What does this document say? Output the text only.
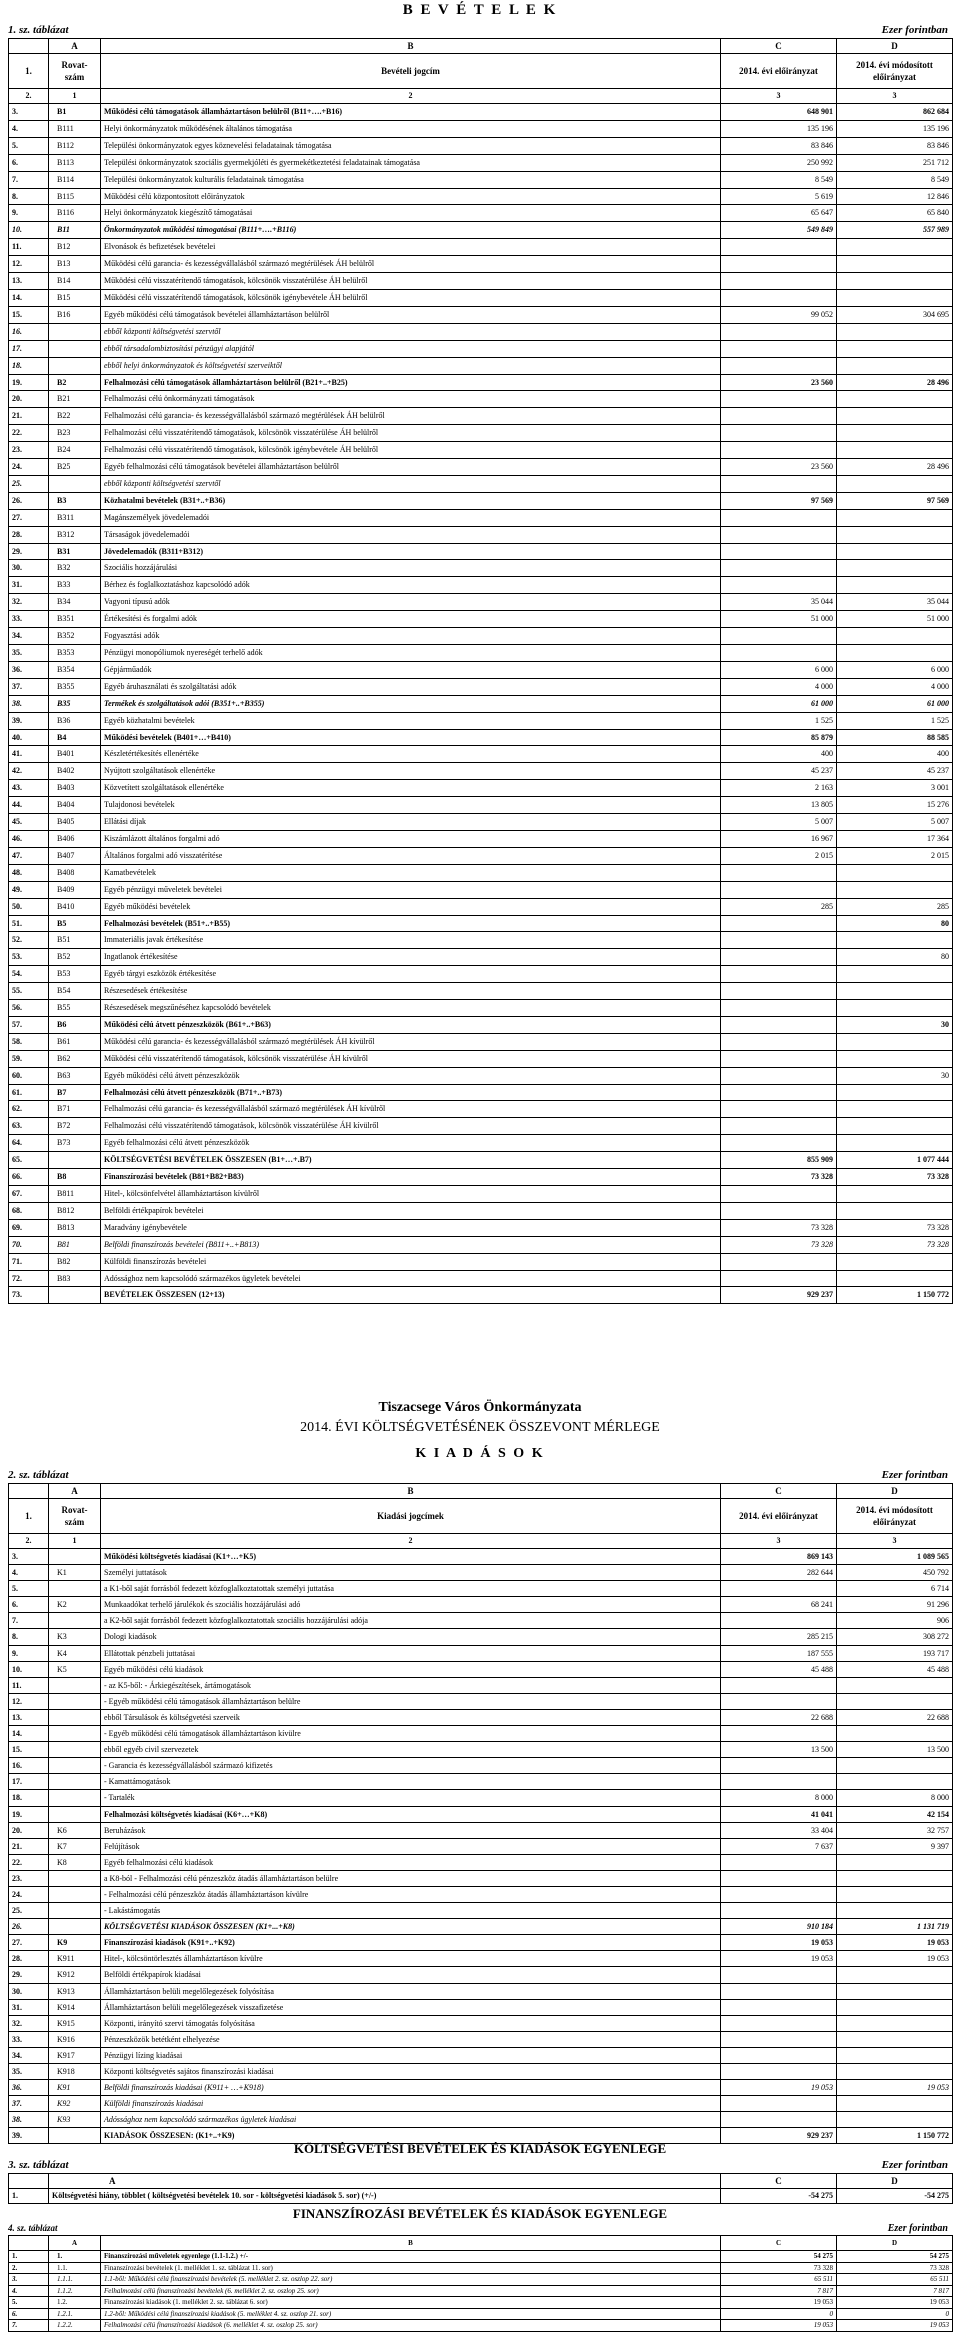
B E V É T E L E K
1. sz. táblázat	Ezer forintban
	A	B	C	D
1.	Rovat-szám	Bevételi jogcím	2014. évi előirányzat	2014. évi módosított előirányzat
2.	1	2	3	3
3.	B1	Működési célú támogatások államháztartáson belülről (B11+….+B16)	648 901	862 684
4.	B111	Helyi önkormányzatok működésének általános támogatása	135 196	135 196
5.	B112	Települési önkormányzatok egyes köznevelési feladatainak támogatása	83 846	83 846
6.	B113	Települési önkormányzatok szociális gyermekjóléti és gyermekétkeztetési feladatainak támogatása	250 992	251 712
7.	B114	Települési önkormányzatok kulturális feladatainak támogatása	8 549	8 549
8.	B115	Működési célú központosított előirányzatok	5 619	12 846
9.	B116	Helyi önkormányzatok kiegészítő támogatásai	65 647	65 840
10.	B11	Önkormányzatok működési támogatásai (B111+….+B116)	549 849	557 989
11.	B12	Elvonások és befizetések bevételei		
12.	B13	Működési célú garancia- és kezességvállalásból származó megtérülések ÁH belülről		
13.	B14	Működési célú visszatérítendő támogatások, kölcsönök visszatérülése ÁH belülről		
14.	B15	Működési célú visszatérítendő támogatások, kölcsönök igénybevétele ÁH belülről		
15.	B16	Egyéb működési célú támogatások bevételei államháztartáson belülről	99 052	304 695
16.		ebből központi költségvetési szervtől		
17.		ebből társadalombiztosítási pénzügyi alapjától		
18.		ebből helyi önkormányzatok és költségvetési szerveiktől		
19.	B2	Felhalmozási célú támogatások államháztartáson belülről (B21+..+B25)	23 560	28 496
20.	B21	Felhalmozási célú önkormányzati támogatások		
21.	B22	Felhalmozási célú garancia- és kezességvállalásból származó megtérülések ÁH belülről		
22.	B23	Felhalmozási célú visszatérítendő támogatások, kölcsönök visszatérülése ÁH belülről		
23.	B24	Felhalmozási célú visszatérítendő támogatások, kölcsönök igénybevétele ÁH belülről		
24.	B25	Egyéb felhalmozási célú támogatások bevételei államháztartáson belülről	23 560	28 496
25.		ebből központi költségvetési szervtől		
26.	B3	Közhatalmi bevételek (B31+..+B36)	97 569	97 569
27.	B311	Magánszemélyek jövedelemadói		
28.	B312	Társaságok jövedelemadói		
29.	B31	Jövedelemadók (B311+B312)		
30.	B32	Szociális hozzájárulási		
31.	B33	Bérhez és foglalkoztatáshoz kapcsolódó adók		
32.	B34	Vagyoni típusú adók	35 044	35 044
33.	B351	Értékesítési és forgalmi adók	51 000	51 000
34.	B352	Fogyasztási adók		
35.	B353	Pénzügyi monopóliumok nyereségét terhelő adók		
36.	B354	Gépjárműadók	6 000	6 000
37.	B355	Egyéb áruhasználati és szolgáltatási adók	4 000	4 000
38.	B35	Termékek és szolgáltatások adói (B351+..+B355)	61 000	61 000
39.	B36	Egyéb közhatalmi bevételek	1 525	1 525
40.	B4	Működési bevételek (B401+…+B410)	85 879	88 585
41.	B401	Készletértékesítés ellenértéke	400	400
42.	B402	Nyújtott szolgáltatások ellenértéke	45 237	45 237
43.	B403	Közvetített szolgáltatások ellenértéke	2 163	3 001
44.	B404	Tulajdonosi bevételek	13 805	15 276
45.	B405	Ellátási díjak	5 007	5 007
46.	B406	Kiszámlázott általános forgalmi adó	16 967	17 364
47.	B407	Általános forgalmi adó visszatérítése	2 015	2 015
48.	B408	Kamatbevételek		
49.	B409	Egyéb pénzügyi műveletek bevételei		
50.	B410	Egyéb működési bevételek	285	285
51.	B5	Felhalmozási bevételek (B51+..+B55)		80
52.	B51	Immateriális javak értékesítése		
53.	B52	Ingatlanok értékesítése		80
54.	B53	Egyéb tárgyi eszközök értékesítése		
55.	B54	Részesedések értékesítése		
56.	B55	Részesedések megszűnéséhez kapcsolódó bevételek		
57.	B6	Működési célú átvett pénzeszközök (B61+..+B63)		30
58.	B61	Működési célú garancia- és kezességvállalásból származó megtérülések ÁH kívülről		
59.	B62	Működési célú visszatérítendő támogatások, kölcsönök visszatérülése ÁH kívülről		
60.	B63	Egyéb működési célú átvett pénzeszközök		30
61.	B7	Felhalmozási célú átvett pénzeszközök (B71+..+B73)		
62.	B71	Felhalmozási célú garancia- és kezességvállalásból származó megtérülések ÁH kívülről		
63.	B72	Felhalmozási célú visszatérítendő támogatások, kölcsönök visszatérülése ÁH kívülről		
64.	B73	Egyéb felhalmozási célú átvett pénzeszközök		
65.		KÖLTSÉGVETÉSI BEVÉTELEK ÖSSZESEN (B1+…+.B7)	855 909	1 077 444
66.	B8	Finanszírozási bevételek (B81+B82+B83)	73 328	73 328
67.	B811	Hitel-, kölcsönfelvétel államháztartáson kívülről		
68.	B812	Belföldi értékpapírok bevételei		
69.	B813	Maradvány igénybevétele	73 328	73 328
70.	B81	Belföldi finanszírozás bevételei (B811+..+B813)	73 328	73 328
71.	B82	Külföldi finanszírozás bevételei		
72.	B83	Adóssághoz nem kapcsolódó származékos ügyletek bevételei		
73.		BEVÉTELEK ÖSSZESEN (12+13)	929 237	1 150 772
Tiszacsege Város Önkormányzata
2014. ÉVI KÖLTSÉGVETÉSÉNEK ÖSSZEVONT MÉRLEGE
K I A D Á S O K
2. sz. táblázat	Ezer forintban
	A	B	C	D
1.	Rovat-szám	Kiadási jogcímek	2014. évi előirányzat	2014. évi módosított előirányzat
2.	1	2	3	3
3.		Működési költségvetés kiadásai (K1+…+K5)	869 143	1 089 565
4.	K1	Személyi juttatások	282 644	450 792
5.		a K1-ből saját forrásból fedezett közfoglalkoztatottak személyi juttatása		6 714
6.	K2	Munkaadókat terhelő járulékok és szociális hozzájárulási adó	68 241	91 296
7.		a K2-ből saját forrásból fedezett közfoglalkoztatottak szociális hozzájárulási adója		906
8.	K3	Dologi kiadások	285 215	308 272
9.	K4	Ellátottak pénzbeli juttatásai	187 555	193 717
10.	K5	Egyéb működési célú kiadások	45 488	45 488
11.		- az K5-ből: - Árkiegészítések, ártámogatások		
12.		- Egyéb működési célú támogatások államháztartáson belülre		
13.		ebből Társulások és költségvetési szerveik	22 688	22 688
14.		- Egyéb működési célú támogatások államháztartáson kívülre		
15.		ebből egyéb civil szervezetek	13 500	13 500
16.		- Garancia és kezességvállalásból származó kifizetés		
17.		- Kamattámogatások		
18.		- Tartalék	8 000	8 000
19.		Felhalmozási költségvetés kiadásai (K6+…+K8)	41 041	42 154
20.	K6	Beruházások	33 404	32 757
21.	K7	Felújítások	7 637	9 397
22.	K8	Egyéb felhalmozási célú kiadások		
23.		a K8-ból - Felhalmozási célú pénzeszköz átadás államháztartáson belülre		
24.		- Felhalmozási célú pénzeszköz átadás államháztartáson kívülre		
25.		- Lakástámogatás		
26.		KÖLTSÉGVETÉSI KIADÁSOK ÖSSZESEN (K1+...+K8)	910 184	1 131 719
27.	K9	Finanszírozási kiadások (K91+..+K92)	19 053	19 053
28.	K911	Hitel-, kölcsöntörlesztés államháztartáson kívülre	19 053	19 053
29.	K912	Belföldi értékpapírok kiadásai		
30.	K913	Államháztartáson belüli megelőlegezések folyósítása		
31.	K914	Államháztartáson belüli megelőlegezések visszafizetése		
32.	K915	Központi, irányító szervi támogatás folyósítása		
33.	K916	Pénzeszközök betétként elhelyezése		
34.	K917	Pénzügyi lízing kiadásai		
35.	K918	Központi költségvetés sajátos finanszírozási kiadásai		
36.	K91	Belföldi finanszírozás kiadásai (K911+ …+K918)	19 053	19 053
37.	K92	Külföldi finanszírozás kiadásai		
38.	K93	Adóssághoz nem kapcsolódó származékos ügyletek kiadásai		
39.		KIADÁSOK ÖSSZESEN: (K1+..+K9)	929 237	1 150 772
KÖLTSÉGVETÉSI BEVÉTELEK ÉS KIADÁSOK EGYENLEGE
3. sz. táblázat	Ezer forintban
	A	C	D
1.	Költségvetési hiány, többlet ( költségvetési bevételek 10. sor - költségvetési kiadások 5. sor) (+/-)	-54 275	-54 275
FINANSZÍROZÁSI BEVÉTELEK ÉS KIADÁSOK EGYENLEGE
4. sz. táblázat	Ezer forintban
	A	B	C	D
1.	1.	Finanszírozási műveletek egyenlege (1.1-1.2.) +/-	54 275	54 275
2.	1.1.	Finanszírozási bevételek (1. melléklet 1. sz. táblázat 11. sor)	73 328	73 328
3.	1.1.1.	1.1-ből: Működési célú finanszírozási bevételek (5. melléklet 2. sz. oszlop 22. sor)	65 511	65 511
4.	1.1.2.	Felhalmozási célú finanszírozási bevételek (6. melléklet 2. sz. oszlop 25. sor)	7 817	7 817
5.	1.2.	Finanszírozási kiadások (1. melléklet 2. sz. táblázat 6. sor)	19 053	19 053
6.	1.2.1.	1.2-ből: Működési célú finanszírozási kiadások (5. melléklet 4. sz. oszlop 21. sor)	0	0
7.	1.2.2.	Felhalmozási célú finanszírozási kiadások (6. melléklet 4. sz. oszlop 25. sor)	19 053	19 053
